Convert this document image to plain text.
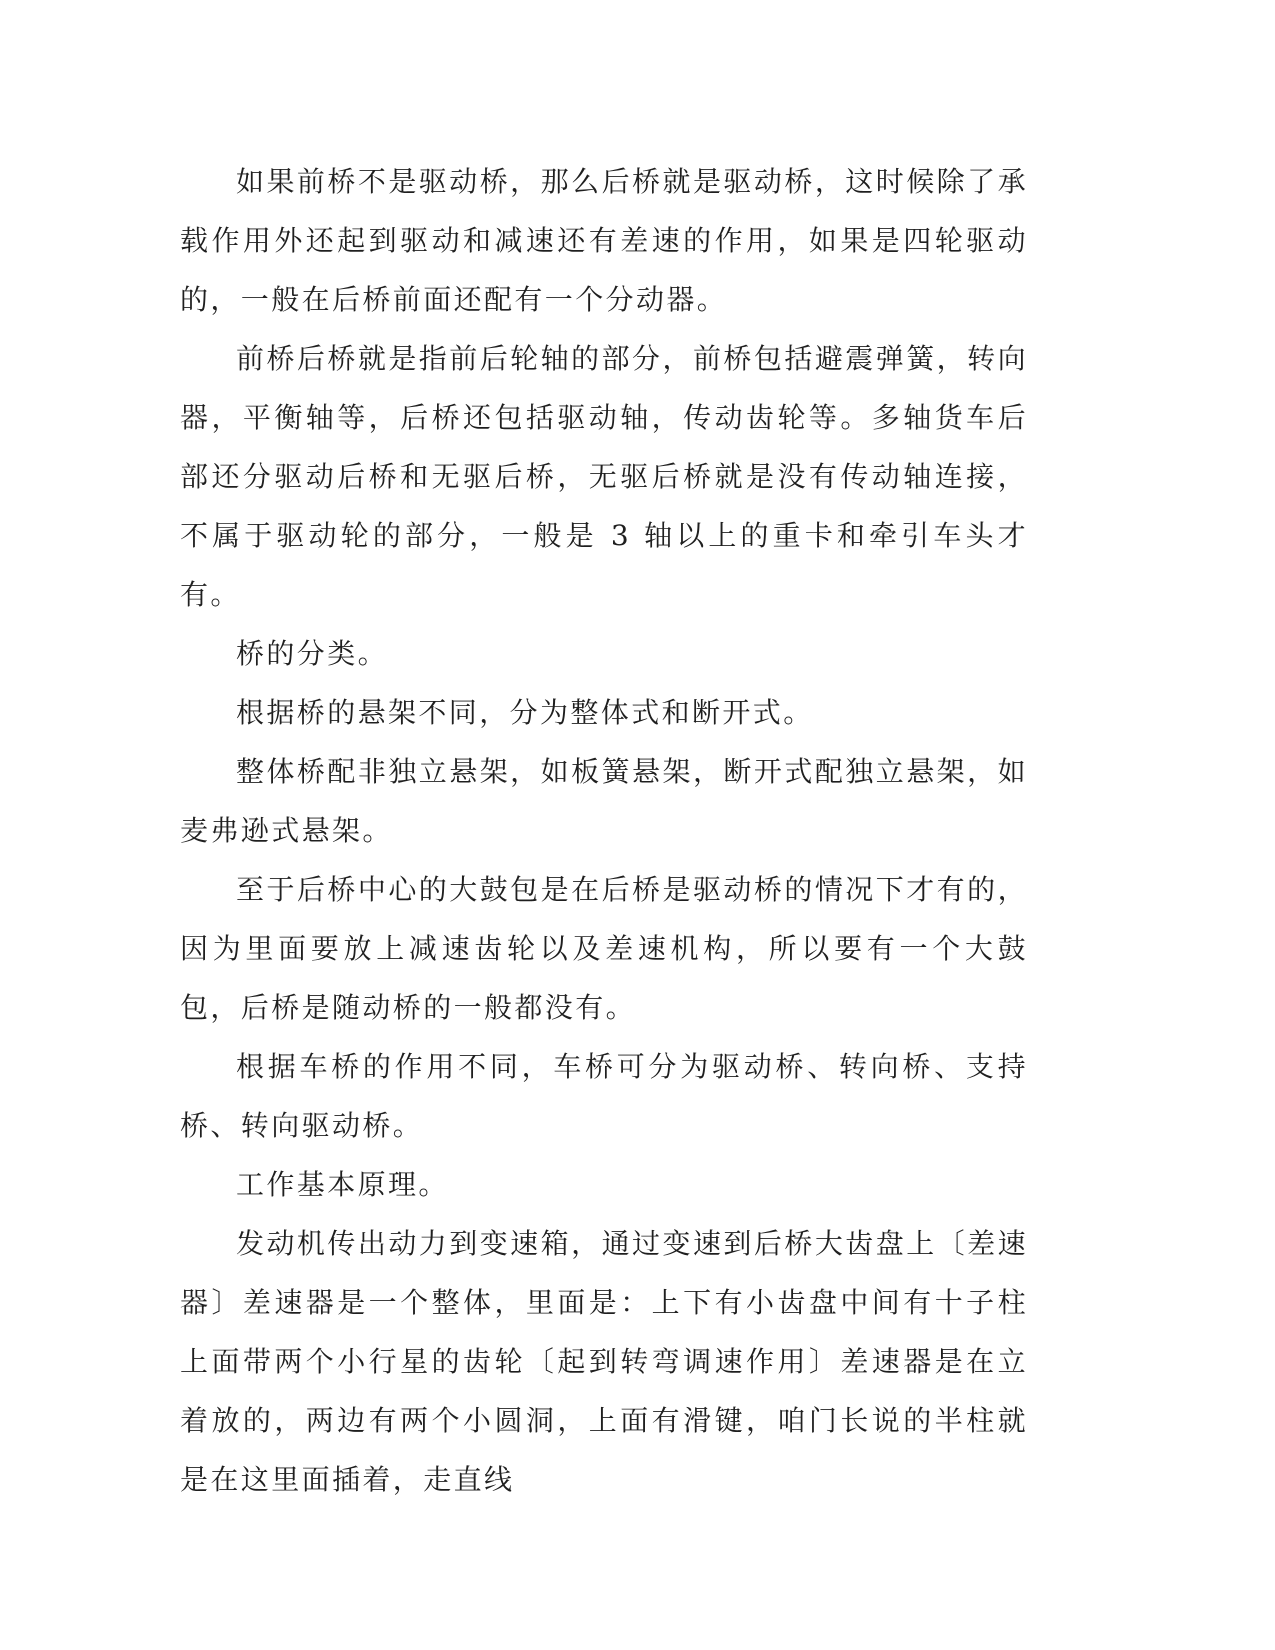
如果前桥不是驱动桥，那么后桥就是驱动桥，这时候除了承载作用外还起到驱动和减速还有差速的作用，如果是四轮驱动的，一般在后桥前面还配有一个分动器。

前桥后桥就是指前后轮轴的部分，前桥包括避震弹簧，转向器，平衡轴等，后桥还包括驱动轴，传动齿轮等。多轴货车后部还分驱动后桥和无驱后桥，无驱后桥就是没有传动轴连接，不属于驱动轮的部分，一般是 3 轴以上的重卡和牵引车头才有。

桥的分类。

根据桥的悬架不同，分为整体式和断开式。

整体桥配非独立悬架，如板簧悬架，断开式配独立悬架，如麦弗逊式悬架。

至于后桥中心的大鼓包是在后桥是驱动桥的情况下才有的，因为里面要放上减速齿轮以及差速机构，所以要有一个大鼓包，后桥是随动桥的一般都没有。

根据车桥的作用不同，车桥可分为驱动桥、转向桥、支持桥、转向驱动桥。

工作基本原理。

发动机传出动力到变速箱，通过变速到后桥大齿盘上〔差速器〕差速器是一个整体，里面是：上下有小齿盘中间有十子柱上面带两个小行星的齿轮〔起到转弯调速作用〕差速器是在立着放的，两边有两个小圆洞，上面有滑键，咱门长说的半柱就是在这里面插着，走直线
